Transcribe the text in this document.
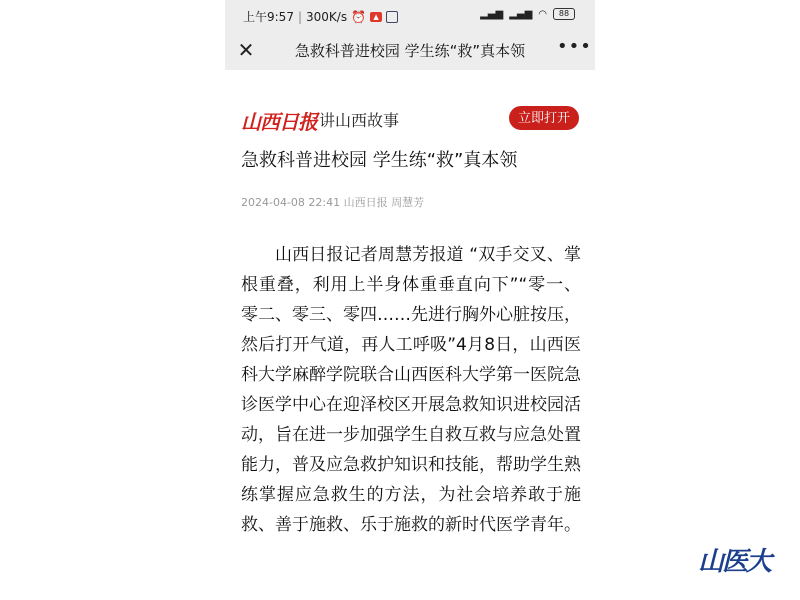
上午9:57 | 300K/s ⏰	▲	▂▄▆ ▂▄▆ ◠	88
✕	急救科普进校园 学生练“救”真本领	•••
山西日报 讲山西故事	立即打开
急救科普进校园 学生练“救”真本领
2024-04-08 22:41 山西日报 周慧芳

山西日报记者周慧芳报道 “双手交叉、掌根重叠，利用上半身体重垂直向下”“零一、零二、零三、零四……先进行胸外心脏按压，然后打开气道，再人工呼吸”4月8日，山西医科大学麻醉学院联合山西医科大学第一医院急诊医学中心在迎泽校区开展急救知识进校园活动，旨在进一步加强学生自救互救与应急处置能力，普及应急救护知识和技能，帮助学生熟练掌握应急救生的方法，为社会培养敢于施救、善于施救、乐于施救的新时代医学青年。

山医大
